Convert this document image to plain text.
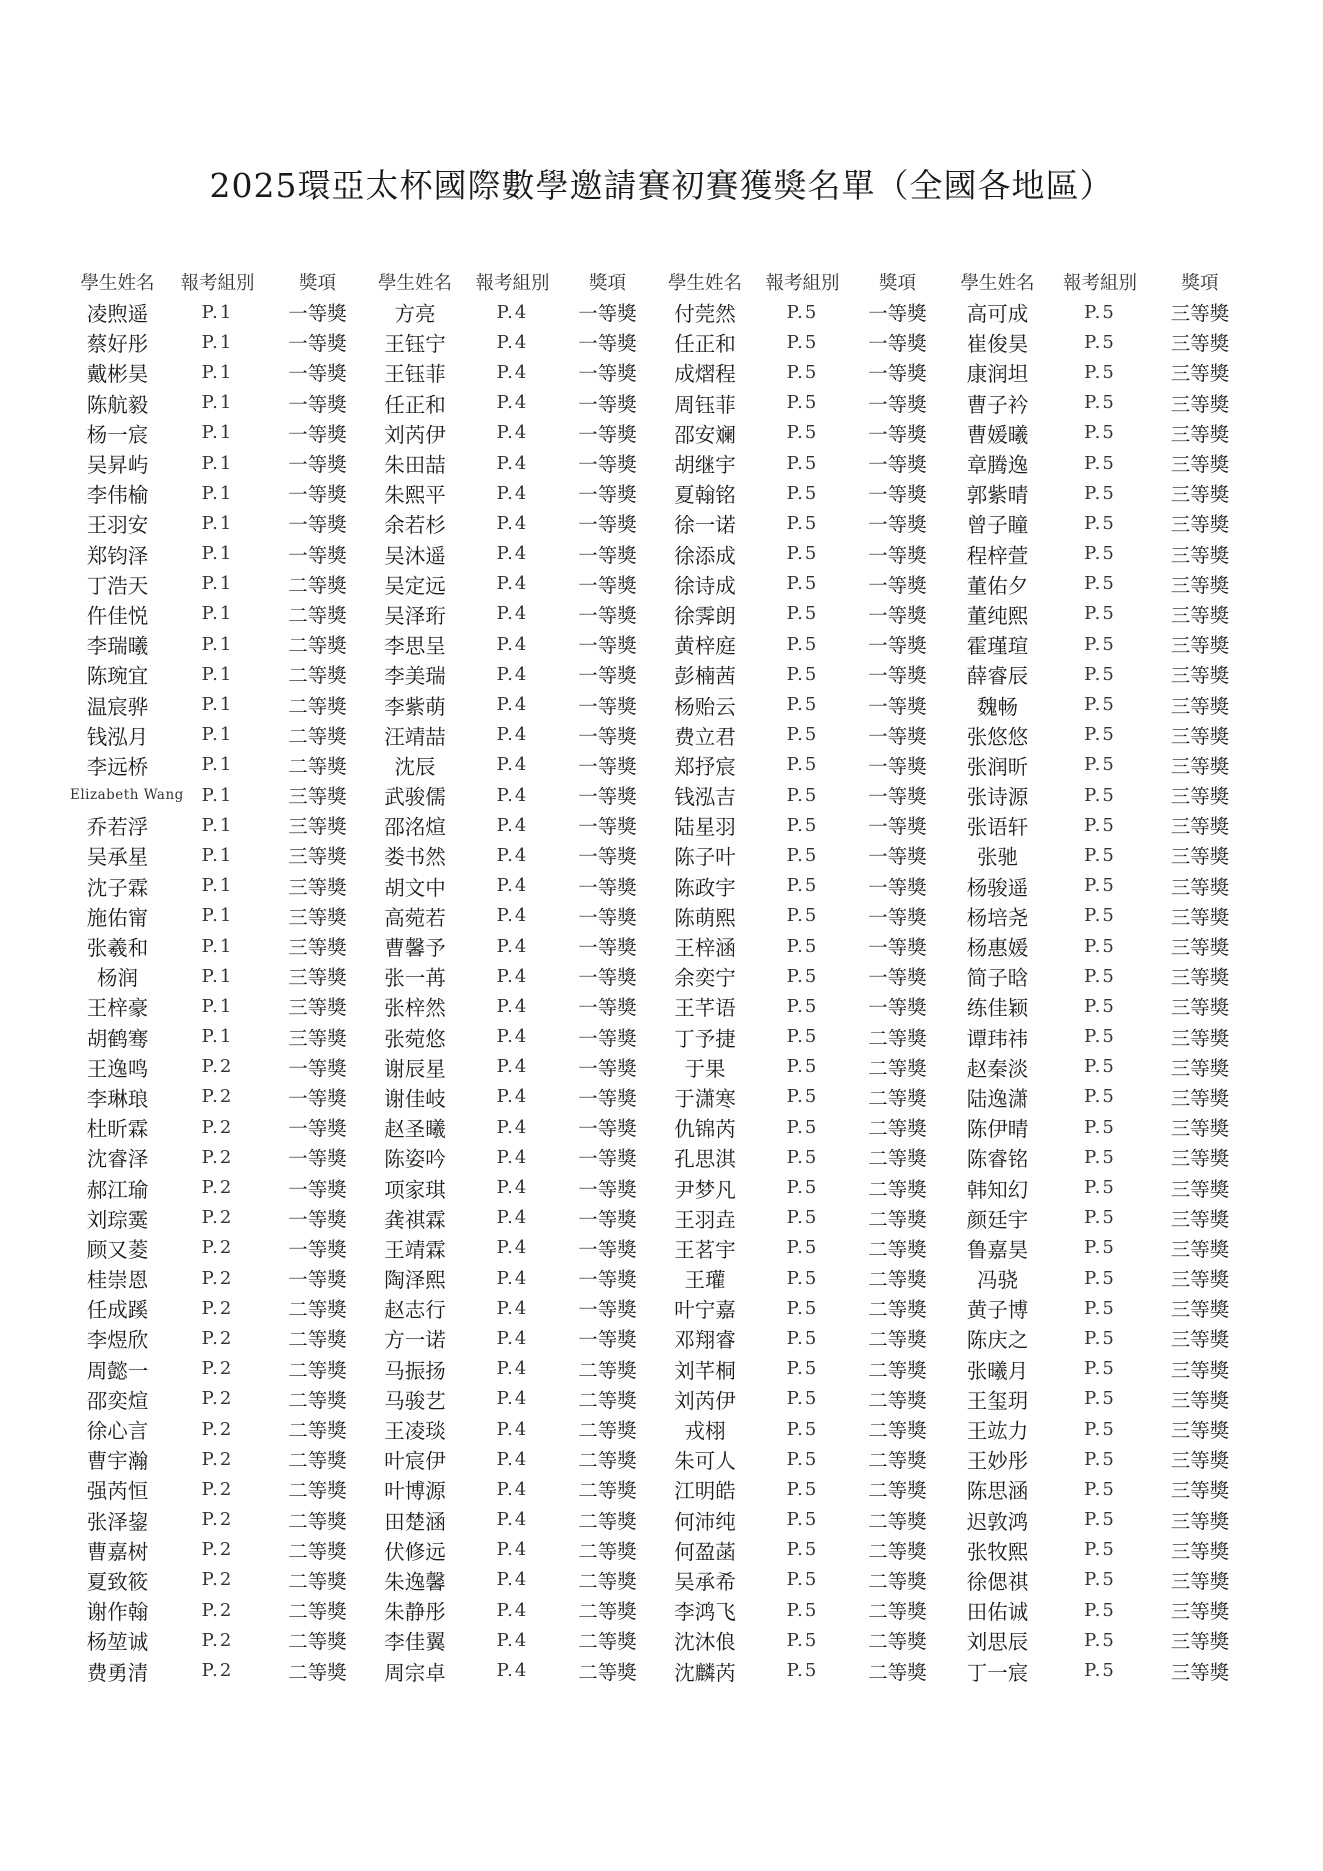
2025環亞太杯國際數學邀請賽初賽獲獎名單（全國各地區）
學生姓名	報考組別	獎項	學生姓名	報考組別	獎項	學生姓名	報考組別	獎項	學生姓名	報考組別	獎項
凌煦遥	P.1	一等獎	方亮	P.4	一等獎	付莞然	P.5	一等獎	高可成	P.5	三等獎
蔡好彤	P.1	一等獎	王钰宁	P.4	一等獎	任正和	P.5	一等獎	崔俊昊	P.5	三等獎
戴彬昊	P.1	一等獎	王钰菲	P.4	一等獎	成熠程	P.5	一等獎	康润坦	P.5	三等獎
陈航毅	P.1	一等獎	任正和	P.4	一等獎	周钰菲	P.5	一等獎	曹子衿	P.5	三等獎
杨一宸	P.1	一等獎	刘芮伊	P.4	一等獎	邵安斓	P.5	一等獎	曹媛曦	P.5	三等獎
吴昇屿	P.1	一等獎	朱田喆	P.4	一等獎	胡继宇	P.5	一等獎	章腾逸	P.5	三等獎
李伟榆	P.1	一等獎	朱熙平	P.4	一等獎	夏翰铭	P.5	一等獎	郭紫晴	P.5	三等獎
王羽安	P.1	一等獎	余若杉	P.4	一等獎	徐一诺	P.5	一等獎	曾子瞳	P.5	三等獎
郑钧泽	P.1	一等獎	吴沐遥	P.4	一等獎	徐添成	P.5	一等獎	程梓萱	P.5	三等獎
丁浩天	P.1	二等獎	吴定远	P.4	一等獎	徐诗成	P.5	一等獎	董佑夕	P.5	三等獎
仵佳悦	P.1	二等獎	吴泽珩	P.4	一等獎	徐霁朗	P.5	一等獎	董纯熙	P.5	三等獎
李瑞曦	P.1	二等獎	李思呈	P.4	一等獎	黄梓庭	P.5	一等獎	霍瑾瑄	P.5	三等獎
陈琬宜	P.1	二等獎	李美瑞	P.4	一等獎	彭楠茜	P.5	一等獎	薛睿辰	P.5	三等獎
温宸骅	P.1	二等獎	李紫萌	P.4	一等獎	杨贻云	P.5	一等獎	魏畅	P.5	三等獎
钱泓月	P.1	二等獎	汪靖喆	P.4	一等獎	费立君	P.5	一等獎	张悠悠	P.5	三等獎
李远桥	P.1	二等獎	沈辰	P.4	一等獎	郑抒宸	P.5	一等獎	张润昕	P.5	三等獎
Elizabeth Wang	P.1	三等獎	武骏儒	P.4	一等獎	钱泓吉	P.5	一等獎	张诗源	P.5	三等獎
乔若浮	P.1	三等獎	邵洺煊	P.4	一等獎	陆星羽	P.5	一等獎	张语轩	P.5	三等獎
吴承星	P.1	三等獎	娄书然	P.4	一等獎	陈子叶	P.5	一等獎	张驰	P.5	三等獎
沈子霖	P.1	三等獎	胡文中	P.4	一等獎	陈政宇	P.5	一等獎	杨骏遥	P.5	三等獎
施佑甯	P.1	三等獎	高菀若	P.4	一等獎	陈萌熙	P.5	一等獎	杨培尧	P.5	三等獎
张羲和	P.1	三等獎	曹馨予	P.4	一等獎	王梓涵	P.5	一等獎	杨惠媛	P.5	三等獎
杨润	P.1	三等獎	张一苒	P.4	一等獎	余奕宁	P.5	一等獎	简子晗	P.5	三等獎
王梓豪	P.1	三等獎	张梓然	P.4	一等獎	王芊语	P.5	一等獎	练佳颖	P.5	三等獎
胡鹤骞	P.1	三等獎	张菀悠	P.4	一等獎	丁予捷	P.5	二等獎	谭玮祎	P.5	三等獎
王逸鸣	P.2	一等獎	谢辰星	P.4	一等獎	于果	P.5	二等獎	赵秦淡	P.5	三等獎
李琳琅	P.2	一等獎	谢佳岐	P.4	一等獎	于潇寒	P.5	二等獎	陆逸潇	P.5	三等獎
杜昕霖	P.2	一等獎	赵圣曦	P.4	一等獎	仇锦芮	P.5	二等獎	陈伊晴	P.5	三等獎
沈睿泽	P.2	一等獎	陈姿吟	P.4	一等獎	孔思淇	P.5	二等獎	陈睿铭	P.5	三等獎
郝江瑜	P.2	一等獎	项家琪	P.4	一等獎	尹梦凡	P.5	二等獎	韩知幻	P.5	三等獎
刘琮霙	P.2	一等獎	龚祺霖	P.4	一等獎	王羽垚	P.5	二等獎	颜廷宇	P.5	三等獎
顾又菱	P.2	一等獎	王靖霖	P.4	一等獎	王茗宇	P.5	二等獎	鲁嘉昊	P.5	三等獎
桂崇恩	P.2	一等獎	陶泽熙	P.4	一等獎	王瓘	P.5	二等獎	冯骁	P.5	三等獎
任成蹊	P.2	二等獎	赵志行	P.4	一等獎	叶宁嘉	P.5	二等獎	黄子博	P.5	三等獎
李煜欣	P.2	二等獎	方一诺	P.4	一等獎	邓翔睿	P.5	二等獎	陈庆之	P.5	三等獎
周懿一	P.2	二等獎	马振扬	P.4	二等獎	刘芊桐	P.5	二等獎	张曦月	P.5	三等獎
邵奕煊	P.2	二等獎	马骏艺	P.4	二等獎	刘芮伊	P.5	二等獎	王玺玥	P.5	三等獎
徐心言	P.2	二等獎	王凌琰	P.4	二等獎	戎栩	P.5	二等獎	王竑力	P.5	三等獎
曹宇瀚	P.2	二等獎	叶宸伊	P.4	二等獎	朱可人	P.5	二等獎	王妙彤	P.5	三等獎
强芮恒	P.2	二等獎	叶博源	P.4	二等獎	江明皓	P.5	二等獎	陈思涵	P.5	三等獎
张泽鋆	P.2	二等獎	田楚涵	P.4	二等獎	何沛纯	P.5	二等獎	迟敦鸿	P.5	三等獎
曹嘉树	P.2	二等獎	伏修远	P.4	二等獎	何盈菡	P.5	二等獎	张牧熙	P.5	三等獎
夏致筱	P.2	二等獎	朱逸馨	P.4	二等獎	吴承希	P.5	二等獎	徐偲祺	P.5	三等獎
谢作翰	P.2	二等獎	朱静彤	P.4	二等獎	李鸿飞	P.5	二等獎	田佑诚	P.5	三等獎
杨堃诚	P.2	二等獎	李佳翼	P.4	二等獎	沈沐俍	P.5	二等獎	刘思辰	P.5	三等獎
费勇清	P.2	二等獎	周宗卓	P.4	二等獎	沈麟芮	P.5	二等獎	丁一宸	P.5	三等獎
